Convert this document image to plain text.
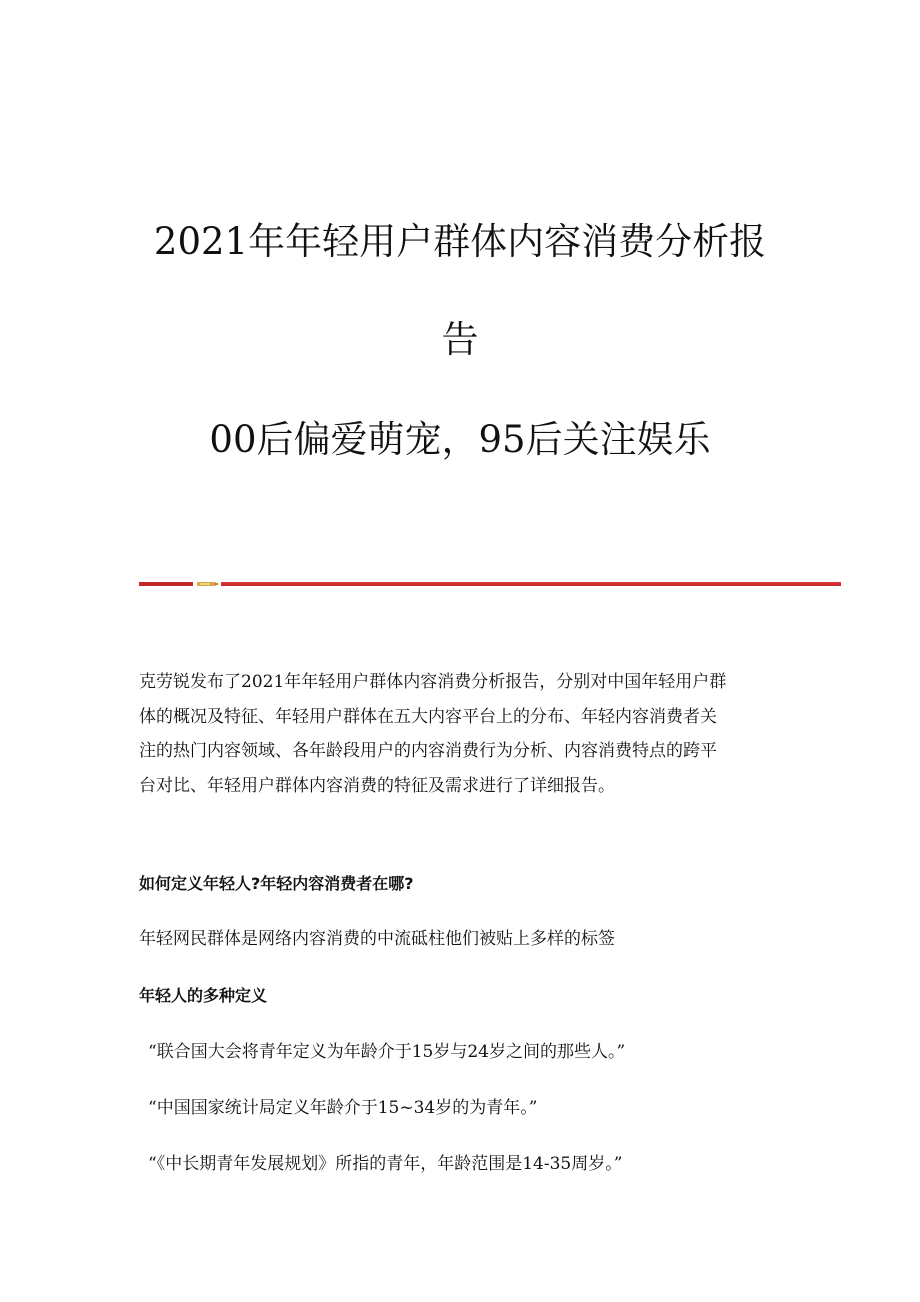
2021年年轻用户群体内容消费分析报
告
00后偏爱萌宠，95后关注娱乐
克劳锐发布了2021年年轻用户群体内容消费分析报告，分别对中国年轻用户群
体的概况及特征、年轻用户群体在五大内容平台上的分布、年轻内容消费者关
注的热门内容领域、各年龄段用户的内容消费行为分析、内容消费特点的跨平
台对比、年轻用户群体内容消费的特征及需求进行了详细报告。
如何定义年轻人?年轻内容消费者在哪?

年轻网民群体是网络内容消费的中流砥柱他们被贴上多样的标签

年轻人的多种定义

“联合国大会将青年定义为年龄介于15岁与24岁之间的那些人。”

“中国国家统计局定义年龄介于15~34岁的为青年。”

“《中长期青年发展规划》所指的青年，年龄范围是14-35周岁。”
